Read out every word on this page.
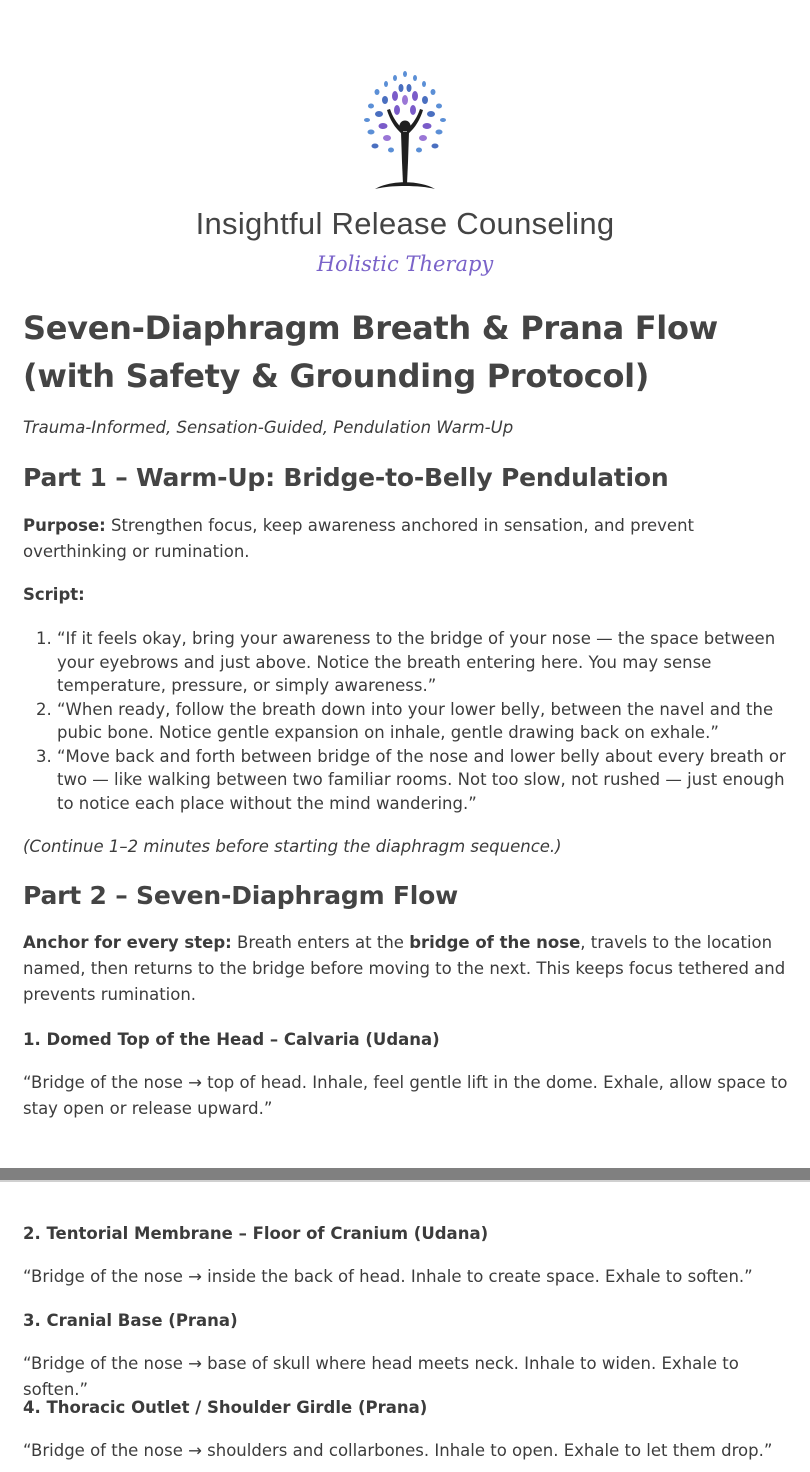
Insightful Release Counseling
Holistic Therapy
Seven-Diaphragm Breath & Prana Flow (with Safety & Grounding Protocol)

Trauma-Informed, Sensation-Guided, Pendulation Warm-Up

Part 1 – Warm-Up: Bridge-to-Belly Pendulation

Purpose: Strengthen focus, keep awareness anchored in sensation, and prevent overthinking or rumination.

Script:

1. “If it feels okay, bring your awareness to the bridge of your nose — the space between your eyebrows and just above. Notice the breath entering here. You may sense temperature, pressure, or simply awareness.”
2. “When ready, follow the breath down into your lower belly, between the navel and the pubic bone. Notice gentle expansion on inhale, gentle drawing back on exhale.”
3. “Move back and forth between bridge of the nose and lower belly about every breath or two — like walking between two familiar rooms. Not too slow, not rushed — just enough to notice each place without the mind wandering.”

(Continue 1–2 minutes before starting the diaphragm sequence.)

Part 2 – Seven-Diaphragm Flow

Anchor for every step: Breath enters at the bridge of the nose, travels to the location named, then returns to the bridge before moving to the next. This keeps focus tethered and prevents rumination.

1. Domed Top of the Head – Calvaria (Udana)

“Bridge of the nose → top of head. Inhale, feel gentle lift in the dome. Exhale, allow space to stay open or release upward.”

2. Tentorial Membrane – Floor of Cranium (Udana)

“Bridge of the nose → inside the back of head. Inhale to create space. Exhale to soften.”

3. Cranial Base (Prana)

“Bridge of the nose → base of skull where head meets neck. Inhale to widen. Exhale to soften.”

4. Thoracic Outlet / Shoulder Girdle (Prana)

“Bridge of the nose → shoulders and collarbones. Inhale to open. Exhale to let them drop.”
